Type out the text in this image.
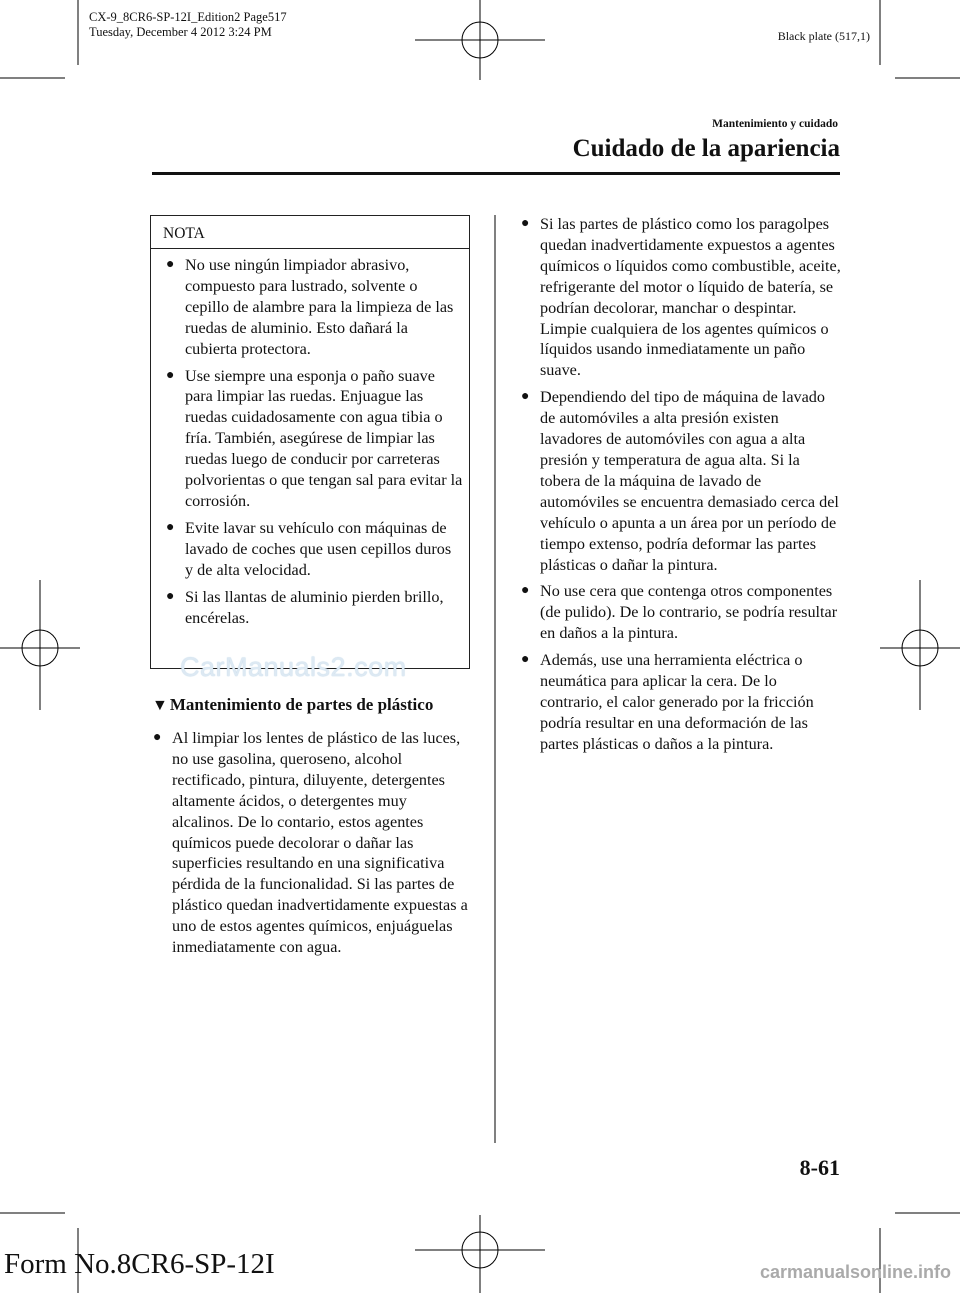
CX-9_8CR6-SP-12I_Edition2 Page517
Tuesday, December 4 2012 3:24 PM	Black plate (517,1)
Mantenimiento y cuidado
Cuidado de la apariencia
NOTA
● No use ningún limpiador abrasivo, compuesto para lustrado, solvente o cepillo de alambre para la limpieza de las ruedas de aluminio. Esto dañará la cubierta protectora.
● Use siempre una esponja o paño suave para limpiar las ruedas. Enjuague las ruedas cuidadosamente con agua tibia o fría. También, asegúrese de limpiar las ruedas luego de conducir por carreteras polvorientas o que tengan sal para evitar la corrosión.
● Evite lavar su vehículo con máquinas de lavado de coches que usen cepillos duros y de alta velocidad.
● Si las llantas de aluminio pierden brillo, encérelas.
CarManuals2.com
▼ Mantenimiento de partes de plástico
● Al limpiar los lentes de plástico de las luces, no use gasolina, queroseno, alcohol rectificado, pintura, diluyente, detergentes altamente ácidos, o detergentes muy alcalinos. De lo contario, estos agentes químicos puede decolorar o dañar las superficies resultando en una significativa pérdida de la funcionalidad. Si las partes de plástico quedan inadvertidamente expuestas a uno de estos agentes químicos, enjuáguelas inmediatamente con agua.
● Si las partes de plástico como los paragolpes quedan inadvertidamente expuestos a agentes químicos o líquidos como combustible, aceite, refrigerante del motor o líquido de batería, se podrían decolorar, manchar o despintar. Limpie cualquiera de los agentes químicos o líquidos usando inmediatamente un paño suave.
● Dependiendo del tipo de máquina de lavado de automóviles a alta presión existen lavadores de automóviles con agua a alta presión y temperatura de agua alta. Si la tobera de la máquina de lavado de automóviles se encuentra demasiado cerca del vehículo o apunta a un área por un período de tiempo extenso, podría deformar las partes plásticas o dañar la pintura.
● No use cera que contenga otros componentes (de pulido). De lo contrario, se podría resultar en daños a la pintura.
● Además, use una herramienta eléctrica o neumática para aplicar la cera. De lo contrario, el calor generado por la fricción podría resultar en una deformación de las partes plásticas o daños a la pintura.
8-61
Form No.8CR6-SP-12I	carmanualsonline.info
